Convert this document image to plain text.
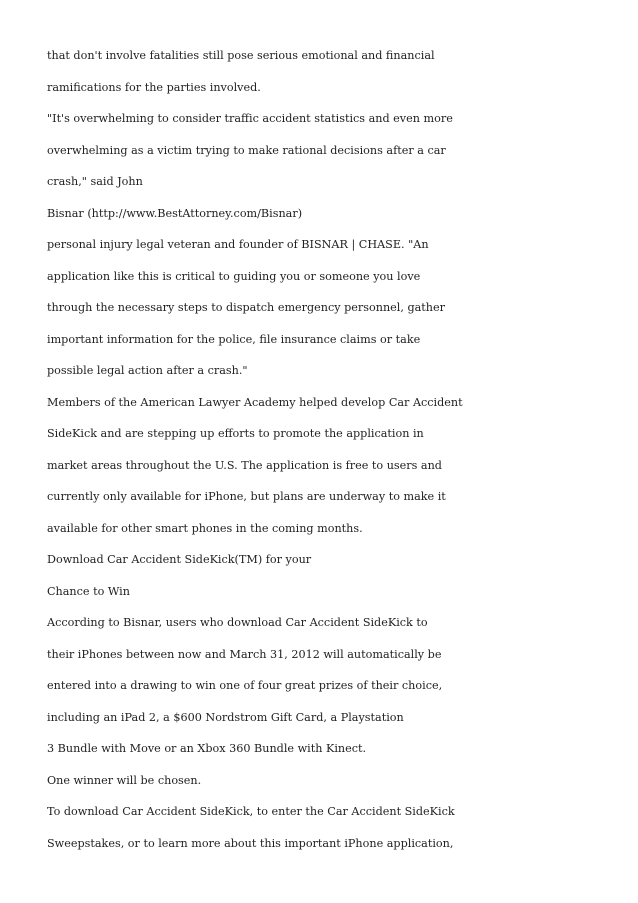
that don't involve fatalities still pose serious emotional and financial

ramifications for the parties involved.

"It's overwhelming to consider traffic accident statistics and even more

overwhelming as a victim trying to make rational decisions after a car

crash," said John

Bisnar (http://www.BestAttorney.com/Bisnar)

personal injury legal veteran and founder of BISNAR | CHASE. "An

application like this is critical to guiding you or someone you love

through the necessary steps to dispatch emergency personnel, gather

important information for the police, file insurance claims or take

possible legal action after a crash."

Members of the American Lawyer Academy helped develop Car Accident

SideKick and are stepping up efforts to promote the application in

market areas throughout the U.S. The application is free to users and

currently only available for iPhone, but plans are underway to make it

available for other smart phones in the coming months.

Download Car Accident SideKick(TM) for your

Chance to Win

According to Bisnar, users who download Car Accident SideKick to

their iPhones between now and March 31, 2012 will automatically be

entered into a drawing to win one of four great prizes of their choice,

including an iPad 2, a $600 Nordstrom Gift Card, a Playstation

3 Bundle with Move or an Xbox 360 Bundle with Kinect.

One winner will be chosen.

To download Car Accident SideKick, to enter the Car Accident SideKick

Sweepstakes, or to learn more about this important iPhone application,
